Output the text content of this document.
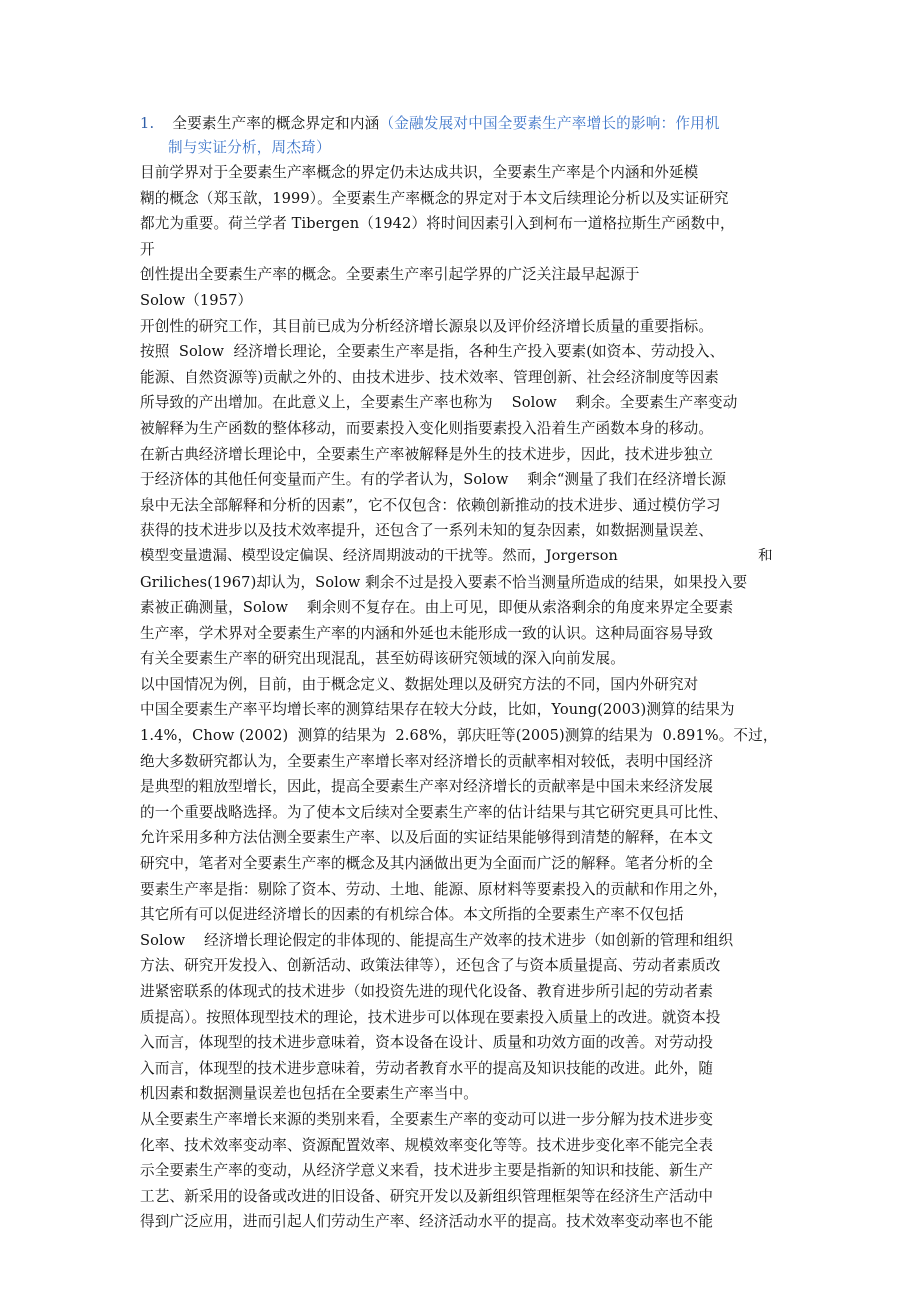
1. 全要素生产率的概念界定和内涵（金融发展对中国全要素生产率增长的影响：作用机
制与实证分析，周杰琦）
目前学界对于全要素生产率概念的界定仍未达成共识，全要素生产率是个内涵和外延模
糊的概念（郑玉歆，1999）。全要素生产率概念的界定对于本文后续理论分析以及实证研究
都尤为重要。荷兰学者 Tibergen（1942）将时间因素引入到柯布一道格拉斯生产函数中，
开
创性提出全要素生产率的概念。全要素生产率引起学界的广泛关注最早起源于
Solow（1957）
开创性的研究工作，其目前已成为分析经济增长源泉以及评价经济增长质量的重要指标。
按照  Solow  经济增长理论，全要素生产率是指，各种生产投入要素(如资本、劳动投入、
能源、自然资源等)贡献之外的、由技术进步、技术效率、管理创新、社会经济制度等因素
所导致的产出增加。在此意义上，全要素生产率也称为    Solow    剩余。全要素生产率变动
被解释为生产函数的整体移动，而要素投入变化则指要素投入沿着生产函数本身的移动。
在新古典经济增长理论中，全要素生产率被解释是外生的技术进步，因此，技术进步独立
于经济体的其他任何变量而产生。有的学者认为，Solow    剩余“测量了我们在经济增长源
泉中无法全部解释和分析的因素”，它不仅包含：依赖创新推动的技术进步、通过模仿学习
获得的技术进步以及技术效率提升，还包含了一系列未知的复杂因素，如数据测量误差、
模型变量遗漏、模型设定偏误、经济周期波动的干扰等。然而，Jorgerson                              和
Griliches(1967)却认为，Solow 剩余不过是投入要素不恰当测量所造成的结果，如果投入要
素被正确测量，Solow    剩余则不复存在。由上可见，即便从索洛剩余的角度来界定全要素
生产率，学术界对全要素生产率的内涵和外延也未能形成一致的认识。这种局面容易导致
有关全要素生产率的研究出现混乱，甚至妨碍该研究领域的深入向前发展。
以中国情况为例，目前，由于概念定义、数据处理以及研究方法的不同，国内外研究对
中国全要素生产率平均增长率的测算结果存在较大分歧，比如，Young(2003)测算的结果为
1.4%，Chow (2002)  测算的结果为  2.68%，郭庆旺等(2005)测算的结果为  0.891%。不过，
绝大多数研究都认为，全要素生产率增长率对经济增长的贡献率相对较低，表明中国经济
是典型的粗放型增长，因此，提高全要素生产率对经济增长的贡献率是中国未来经济发展
的一个重要战略选择。为了使本文后续对全要素生产率的估计结果与其它研究更具可比性、
允许采用多种方法估测全要素生产率、以及后面的实证结果能够得到清楚的解释，在本文
研究中，笔者对全要素生产率的概念及其内涵做出更为全面而广泛的解释。笔者分析的全
要素生产率是指：剔除了资本、劳动、土地、能源、原材料等要素投入的贡献和作用之外，
其它所有可以促进经济增长的因素的有机综合体。本文所指的全要素生产率不仅包括
Solow    经济增长理论假定的非体现的、能提高生产效率的技术进步（如创新的管理和组织
方法、研究开发投入、创新活动、政策法律等），还包含了与资本质量提高、劳动者素质改
进紧密联系的体现式的技术进步（如投资先进的现代化设备、教育进步所引起的劳动者素
质提高）。按照体现型技术的理论，技术进步可以体现在要素投入质量上的改进。就资本投
入而言，体现型的技术进步意味着，资本设备在设计、质量和功效方面的改善。对劳动投
入而言，体现型的技术进步意味着，劳动者教育水平的提高及知识技能的改进。此外，随
机因素和数据测量误差也包括在全要素生产率当中。
从全要素生产率增长来源的类别来看，全要素生产率的变动可以进一步分解为技术进步变
化率、技术效率变动率、资源配置效率、规模效率变化等等。技术进步变化率不能完全表
示全要素生产率的变动，从经济学意义来看，技术进步主要是指新的知识和技能、新生产
工艺、新采用的设备或改进的旧设备、研究开发以及新组织管理框架等在经济生产活动中
得到广泛应用，进而引起人们劳动生产率、经济活动水平的提高。技术效率变动率也不能
